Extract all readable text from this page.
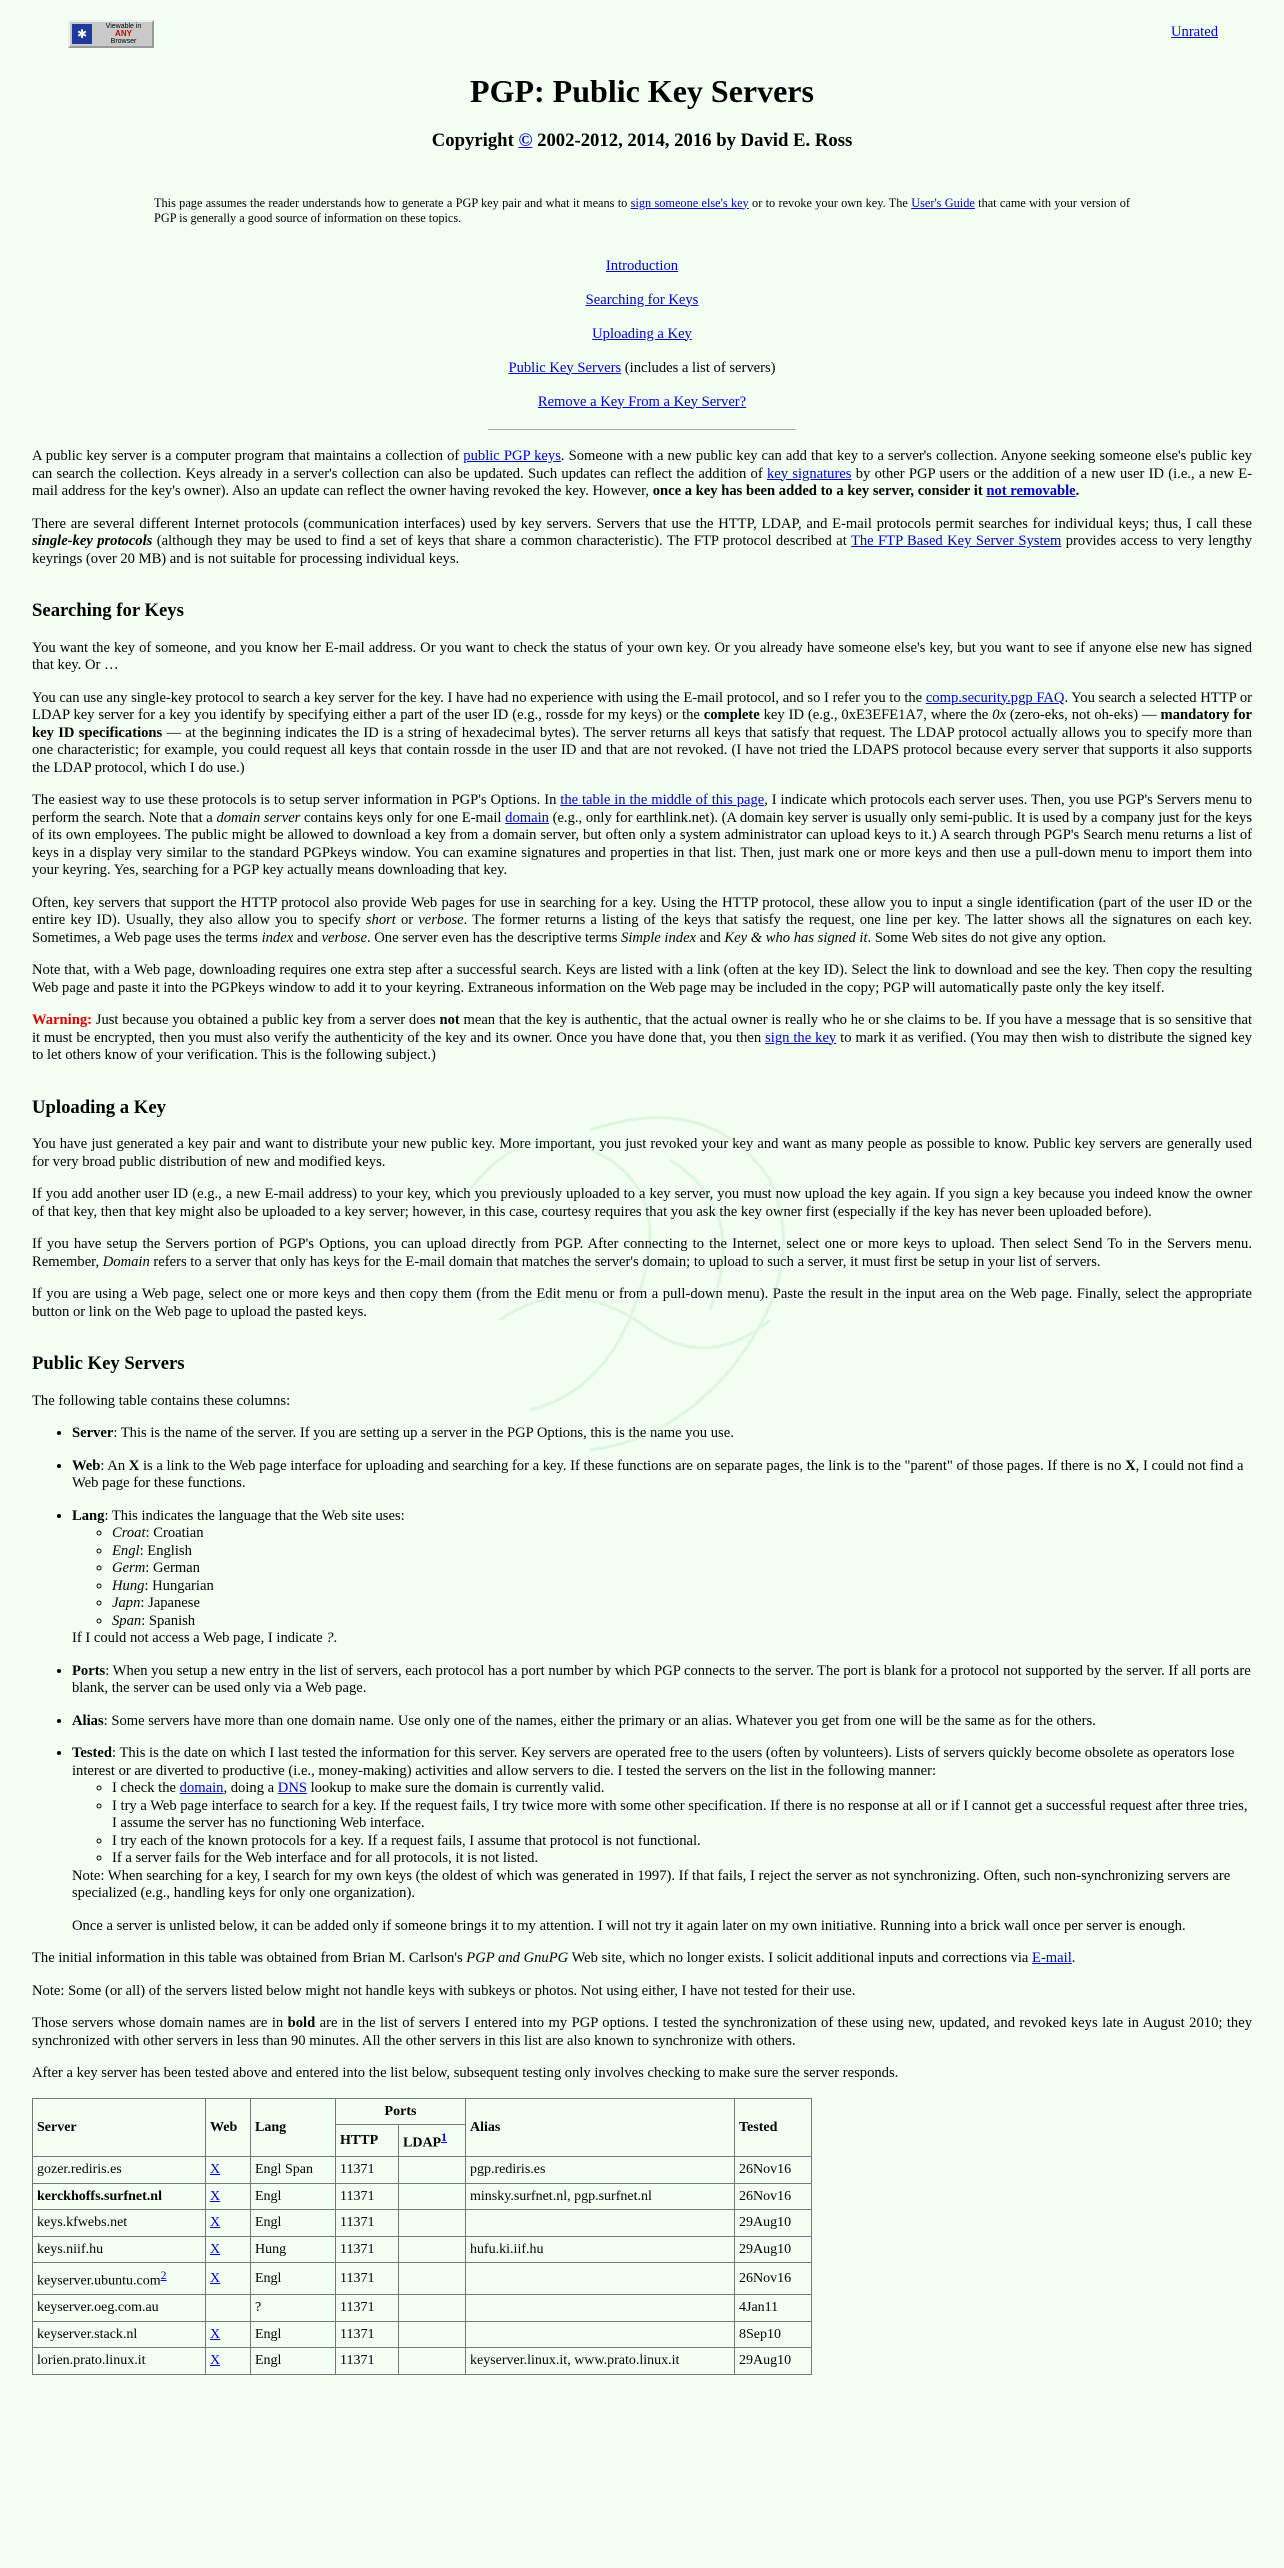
✱	Viewable in
ANY
Browser
Unrated
PGP: Public Key Servers
Copyright © 2002-2012, 2014, 2016 by David E. Ross
This page assumes the reader understands how to generate a PGP key pair and what it means to sign someone else's key or to revoke your own key. The User's Guide that came with your version of PGP is generally a good source of information on these topics.
Introduction
Searching for Keys
Uploading a Key
Public Key Servers (includes a list of servers)
Remove a Key From a Key Server?

A public key server is a computer program that maintains a collection of public PGP keys. Someone with a new public key can add that key to a server's collection. Anyone seeking someone else's public key can search the collection. Keys already in a server's collection can also be updated. Such updates can reflect the addition of key signatures by other PGP users or the addition of a new user ID (i.e., a new E-mail address for the key's owner). Also an update can reflect the owner having revoked the key. However, once a key has been added to a key server, consider it not removable.

There are several different Internet protocols (communication interfaces) used by key servers. Servers that use the HTTP, LDAP, and E-mail protocols permit searches for individual keys; thus, I call these single-key protocols (although they may be used to find a set of keys that share a common characteristic). The FTP protocol described at The FTP Based Key Server System provides access to very lengthy keyrings (over 20 MB) and is not suitable for processing individual keys.

Searching for Keys

You want the key of someone, and you know her E-mail address. Or you want to check the status of your own key. Or you already have someone else's key, but you want to see if anyone else new has signed that key. Or …

You can use any single-key protocol to search a key server for the key. I have had no experience with using the E-mail protocol, and so I refer you to the comp.security.pgp FAQ. You search a selected HTTP or LDAP key server for a key you identify by specifying either a part of the user ID (e.g., rossde for my keys) or the complete key ID (e.g., 0xE3EFE1A7, where the 0x (zero-eks, not oh-eks) — mandatory for key ID specifications — at the beginning indicates the ID is a string of hexadecimal bytes). The server returns all keys that satisfy that request. The LDAP protocol actually allows you to specify more than one characteristic; for example, you could request all keys that contain rossde in the user ID and that are not revoked. (I have not tried the LDAPS protocol because every server that supports it also supports the LDAP protocol, which I do use.)

The easiest way to use these protocols is to setup server information in PGP's Options. In the table in the middle of this page, I indicate which protocols each server uses. Then, you use PGP's Servers menu to perform the search. Note that a domain server contains keys only for one E-mail domain (e.g., only for earthlink.net). (A domain key server is usually only semi-public. It is used by a company just for the keys of its own employees. The public might be allowed to download a key from a domain server, but often only a system administrator can upload keys to it.) A search through PGP's Search menu returns a list of keys in a display very similar to the standard PGPkeys window. You can examine signatures and properties in that list. Then, just mark one or more keys and then use a pull-down menu to import them into your keyring. Yes, searching for a PGP key actually means downloading that key.

Often, key servers that support the HTTP protocol also provide Web pages for use in searching for a key. Using the HTTP protocol, these allow you to input a single identification (part of the user ID or the entire key ID). Usually, they also allow you to specify short or verbose. The former returns a listing of the keys that satisfy the request, one line per key. The latter shows all the signatures on each key. Sometimes, a Web page uses the terms index and verbose. One server even has the descriptive terms Simple index and Key & who has signed it. Some Web sites do not give any option.

Note that, with a Web page, downloading requires one extra step after a successful search. Keys are listed with a link (often at the key ID). Select the link to download and see the key. Then copy the resulting Web page and paste it into the PGPkeys window to add it to your keyring. Extraneous information on the Web page may be included in the copy; PGP will automatically paste only the key itself.

Warning: Just because you obtained a public key from a server does not mean that the key is authentic, that the actual owner is really who he or she claims to be. If you have a message that is so sensitive that it must be encrypted, then you must also verify the authenticity of the key and its owner. Once you have done that, you then sign the key to mark it as verified. (You may then wish to distribute the signed key to let others know of your verification. This is the following subject.)

Uploading a Key

You have just generated a key pair and want to distribute your new public key. More important, you just revoked your key and want as many people as possible to know. Public key servers are generally used for very broad public distribution of new and modified keys.

If you add another user ID (e.g., a new E-mail address) to your key, which you previously uploaded to a key server, you must now upload the key again. If you sign a key because you indeed know the owner of that key, then that key might also be uploaded to a key server; however, in this case, courtesy requires that you ask the key owner first (especially if the key has never been uploaded before).

If you have setup the Servers portion of PGP's Options, you can upload directly from PGP. After connecting to the Internet, select one or more keys to upload. Then select Send To in the Servers menu. Remember, Domain refers to a server that only has keys for the E-mail domain that matches the server's domain; to upload to such a server, it must first be setup in your list of servers.

If you are using a Web page, select one or more keys and then copy them (from the Edit menu or from a pull-down menu). Paste the result in the input area on the Web page. Finally, select the appropriate button or link on the Web page to upload the pasted keys.

Public Key Servers

The following table contains these columns:

• Server: This is the name of the server. If you are setting up a server in the PGP Options, this is the name you use.
• Web: An X is a link to the Web page interface for uploading and searching for a key. If these functions are on separate pages, the link is to the "parent" of those pages. If there is no X, I could not find a Web page for these functions.
• Lang: This indicates the language that the Web site uses:
◦ Croat: Croatian
◦ Engl: English
◦ Germ: German
◦ Hung: Hungarian
◦ Japn: Japanese
◦ Span: Spanish
If I could not access a Web page, I indicate ?.
• Ports: When you setup a new entry in the list of servers, each protocol has a port number by which PGP connects to the server. The port is blank for a protocol not supported by the server. If all ports are blank, the server can be used only via a Web page.
• Alias: Some servers have more than one domain name. Use only one of the names, either the primary or an alias. Whatever you get from one will be the same as for the others.
• Tested: This is the date on which I last tested the information for this server. Key servers are operated free to the users (often by volunteers). Lists of servers quickly become obsolete as operators lose interest or are diverted to productive (i.e., money-making) activities and allow servers to die. I tested the servers on the list in the following manner:
◦ I check the domain, doing a DNS lookup to make sure the domain is currently valid.
◦ I try a Web page interface to search for a key. If the request fails, I try twice more with some other specification. If there is no response at all or if I cannot get a successful request after three tries, I assume the server has no functioning Web interface.
◦ I try each of the known protocols for a key. If a request fails, I assume that protocol is not functional.
◦ If a server fails for the Web interface and for all protocols, it is not listed.
Note: When searching for a key, I search for my own keys (the oldest of which was generated in 1997). If that fails, I reject the server as not synchronizing. Often, such non-synchronizing servers are specialized (e.g., handling keys for only one organization).
Once a server is unlisted below, it can be added only if someone brings it to my attention. I will not try it again later on my own initiative. Running into a brick wall once per server is enough.

The initial information in this table was obtained from Brian M. Carlson's PGP and GnuPG Web site, which no longer exists. I solicit additional inputs and corrections via E-mail.

Note: Some (or all) of the servers listed below might not handle keys with subkeys or photos. Not using either, I have not tested for their use.

Those servers whose domain names are in bold are in the list of servers I entered into my PGP options. I tested the synchronization of these using new, updated, and revoked keys late in August 2010; they synchronized with other servers in less than 90 minutes. All the other servers in this list are also known to synchronize with others.

After a key server has been tested above and entered into the list below, subsequent testing only involves checking to make sure the server responds.

Server	Web	Lang	Ports		Alias	Tested
			HTTP	LDAP$^1$
gozer.rediris.es	X	Engl Span	11371		pgp.rediris.es	26Nov16
kerckhoffs.surfnet.nl	X	Engl	11371		minsky.surfnet.nl, pgp.surfnet.nl	26Nov16
keys.kfwebs.net	X	Engl	11371			29Aug10
keys.niif.hu	X	Hung	11371		hufu.ki.iif.hu	29Aug10
keyserver.ubuntu.com$^2$	X	Engl	11371			26Nov16
keyserver.oeg.com.au		?	11371			4Jan11
keyserver.stack.nl	X	Engl	11371			8Sep10
lorien.prato.linux.it	X	Engl	11371		keyserver.linux.it, www.prato.linux.it	29Aug10
